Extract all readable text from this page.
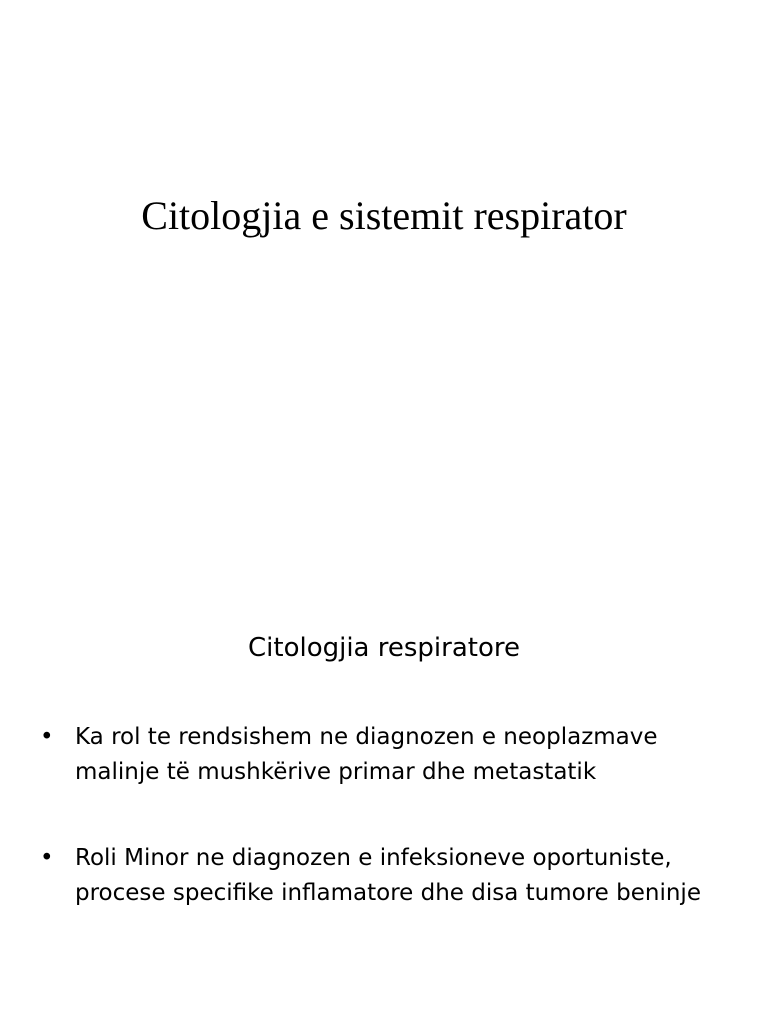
Citologjia e sistemit respirator
Citologjia respiratore
• Ka rol te rendsishem ne diagnozen e neoplazmave malinje të mushkërive primar dhe metastatik
• Roli Minor ne diagnozen e infeksioneve oportuniste, procese specifike inflamatore dhe disa tumore beninje
